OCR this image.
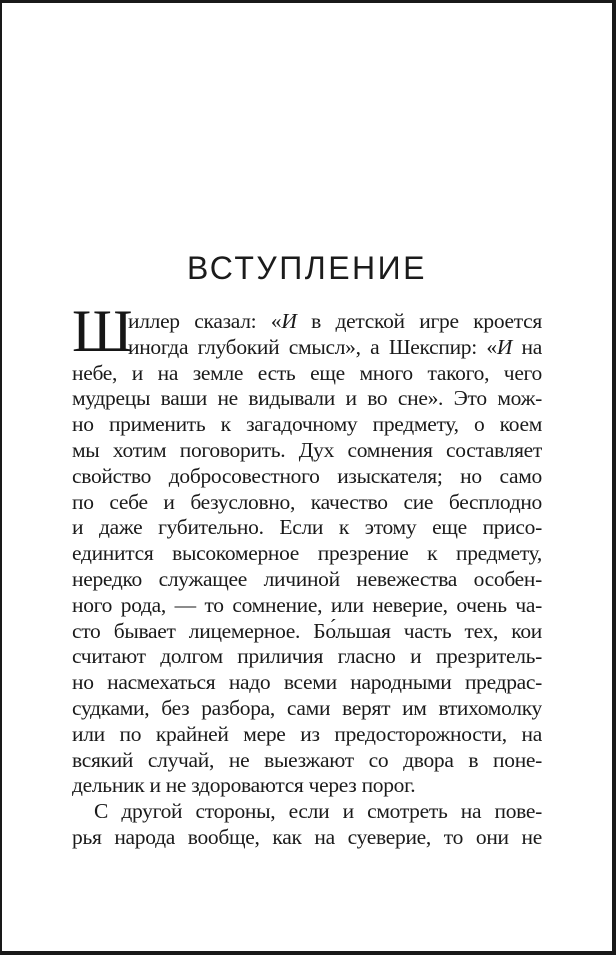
ВСТУПЛЕНИЕ
Ш
иллер сказал: «И в детской игре кроется
иногда глубокий смысл», а Шекспир: «И на
небе, и на земле есть еще много такого, чего
мудрецы ваши не видывали и во сне». Это мож-
но применить к загадочному предмету, о коем
мы хотим поговорить. Дух сомнения составляет
свойство добросовестного изыскателя; но само
по себе и безусловно, качество сие бесплодно
и даже губительно. Если к этому еще присо-
единится высокомерное презрение к предмету,
нередко служащее личиной невежества особен-
ного рода, — то сомнение, или неверие, очень ча-
сто бывает лицемерное. Бо́льшая часть тех, кои
считают долгом приличия гласно и презритель-
но насмехаться надо всеми народными предрас-
судками, без разбора, сами верят им втихомолку
или по крайней мере из предосторожности, на
всякий случай, не выезжают со двора в поне-
дельник и не здороваются через порог.
С другой стороны, если и смотреть на пове-
рья народа вообще, как на суеверие, то они не
